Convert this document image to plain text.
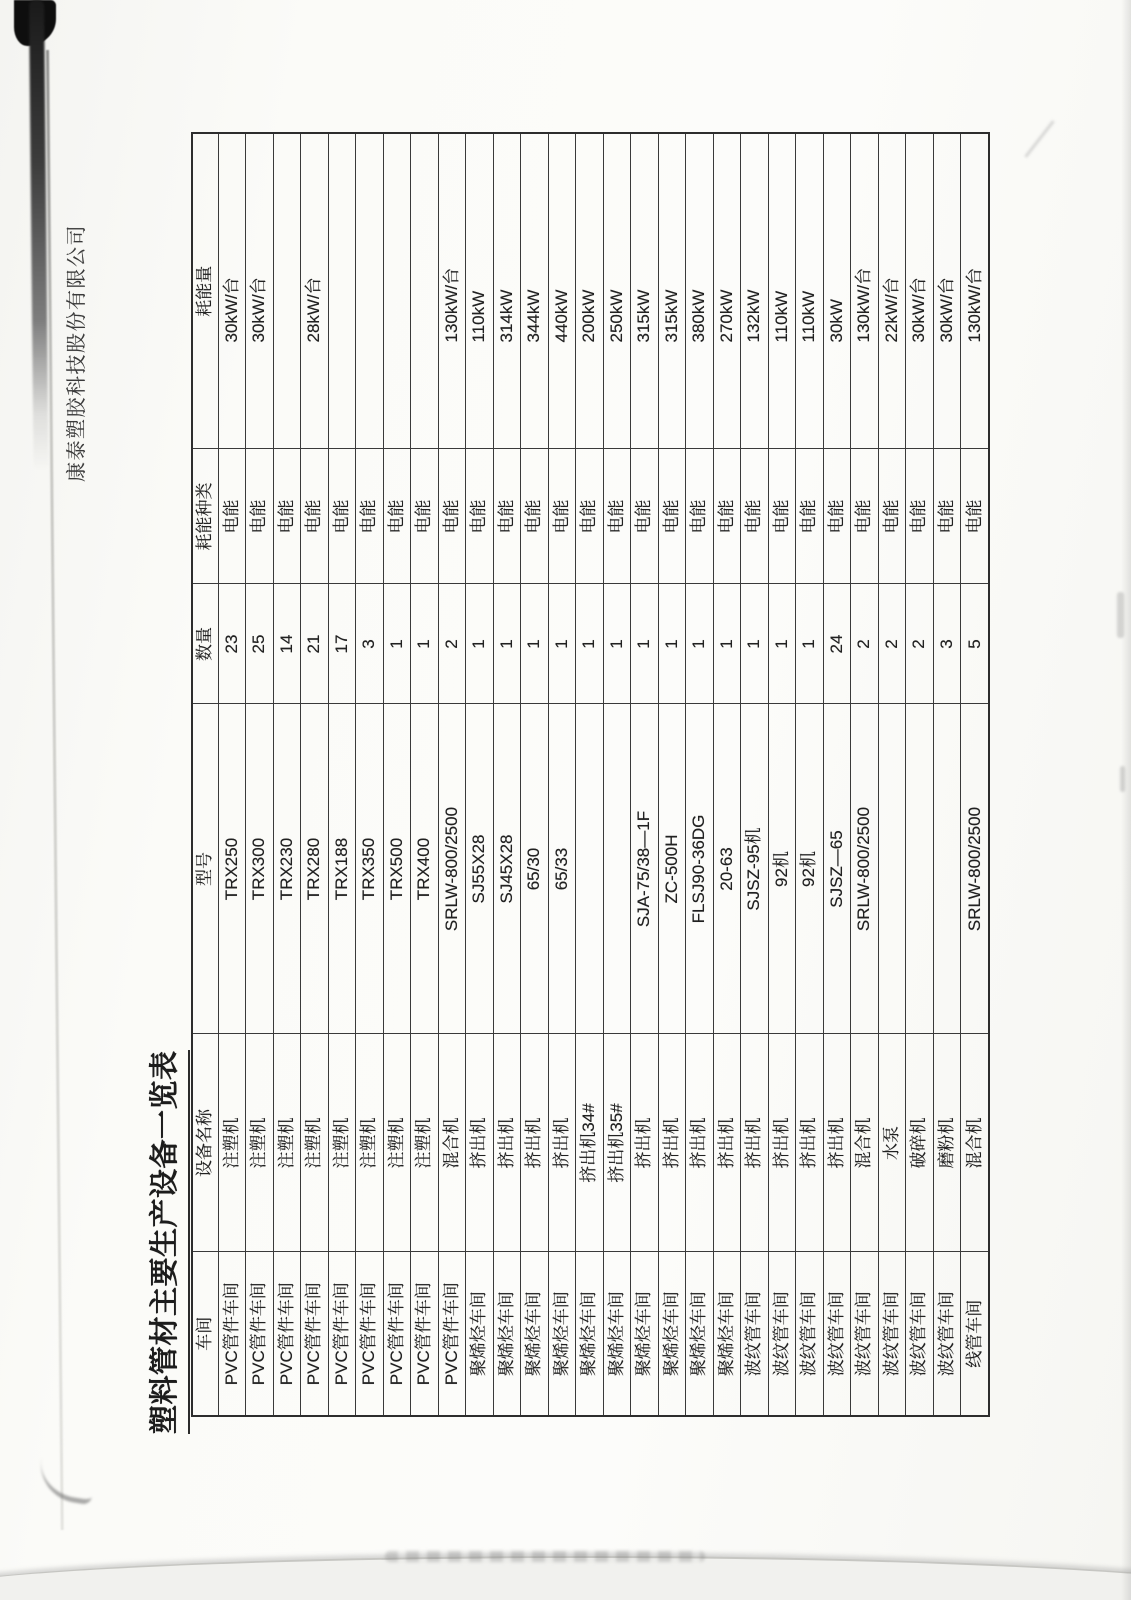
塑料管材主要生产设备一览表
康泰塑胶科技股份有限公司
车间	设备名称	型号	数量	耗能种类	耗能量
PVC管件车间	注塑机	TRX250	23	电能	30kW/台
PVC管件车间	注塑机	TRX300	25	电能	30kW/台
PVC管件车间	注塑机	TRX230	14	电能	
PVC管件车间	注塑机	TRX280	21	电能	28kW/台
PVC管件车间	注塑机	TRX188	17	电能	
PVC管件车间	注塑机	TRX350	3	电能	
PVC管件车间	注塑机	TRX500	1	电能	
PVC管件车间	注塑机	TRX400	1	电能	
PVC管件车间	混合机	SRLW-800/2500	2	电能	130kW/台
聚烯烃车间	挤出机	SJ55X28	1	电能	110kW
聚烯烃车间	挤出机	SJ45X28	1	电能	314kW
聚烯烃车间	挤出机	65/30	1	电能	344kW
聚烯烃车间	挤出机	65/33	1	电能	440kW
聚烯烃车间	挤出机34#		1	电能	200kW
聚烯烃车间	挤出机35#		1	电能	250kW
聚烯烃车间	挤出机	SJA-75/38—1F	1	电能	315kW
聚烯烃车间	挤出机	ZC-500H	1	电能	315kW
聚烯烃车间	挤出机	FLSJ90-36DG	1	电能	380kW
聚烯烃车间	挤出机	20-63	1	电能	270kW
波纹管车间	挤出机	SJSZ-95机	1	电能	132kW
波纹管车间	挤出机	92机	1	电能	110kW
波纹管车间	挤出机	92机	1	电能	110kW
波纹管车间	挤出机	SJSZ—65	24	电能	30kW
波纹管车间	混合机	SRLW-800/2500	2	电能	130kW/台
波纹管车间	水泵		2	电能	22kW/台
波纹管车间	破碎机		2	电能	30kW/台
波纹管车间	磨粉机		3	电能	30kW/台
线管车间	混合机	SRLW-800/2500	5	电能	130kW/台
